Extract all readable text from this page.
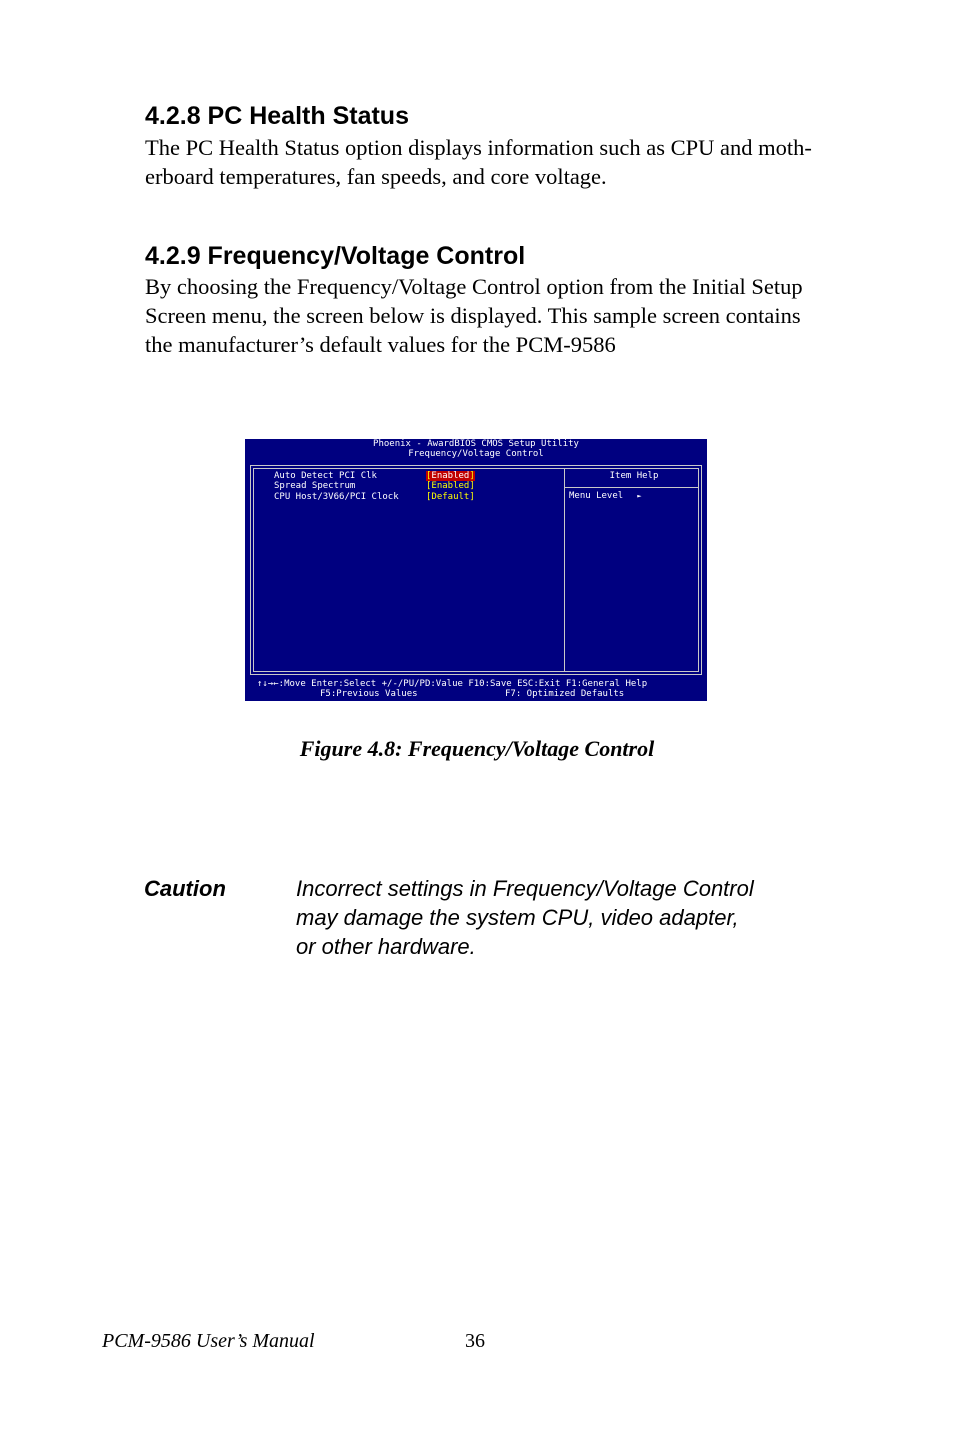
4.2.8 PC Health Status

The PC Health Status option displays information such as CPU and moth-
erboard temperatures, fan speeds, and core voltage.

4.2.9 Frequency/Voltage Control

By choosing the Frequency/Voltage Control option from the Initial Setup
Screen menu, the screen below is displayed. This sample screen contains
the manufacturer’s default values for the PCM-9586

Phoenix - AwardBIOS CMOS Setup Utility
Frequency/Voltage Control
Auto Detect PCI Clk	[Enabled]
Spread Spectrum	[Enabled]
CPU Host/3V66/PCI Clock	[Default]
Item Help
Menu Level ►
↑↓→←:Move Enter:Select +/-/PU/PD:Value F10:Save ESC:Exit F1:General Help
F5:Previous Values	F7: Optimized Defaults

Figure 4.8: Frequency/Voltage Control

Caution	Incorrect settings in Frequency/Voltage Control
may damage the system CPU, video adapter,
or other hardware.

PCM-9586 User’s Manual	36
